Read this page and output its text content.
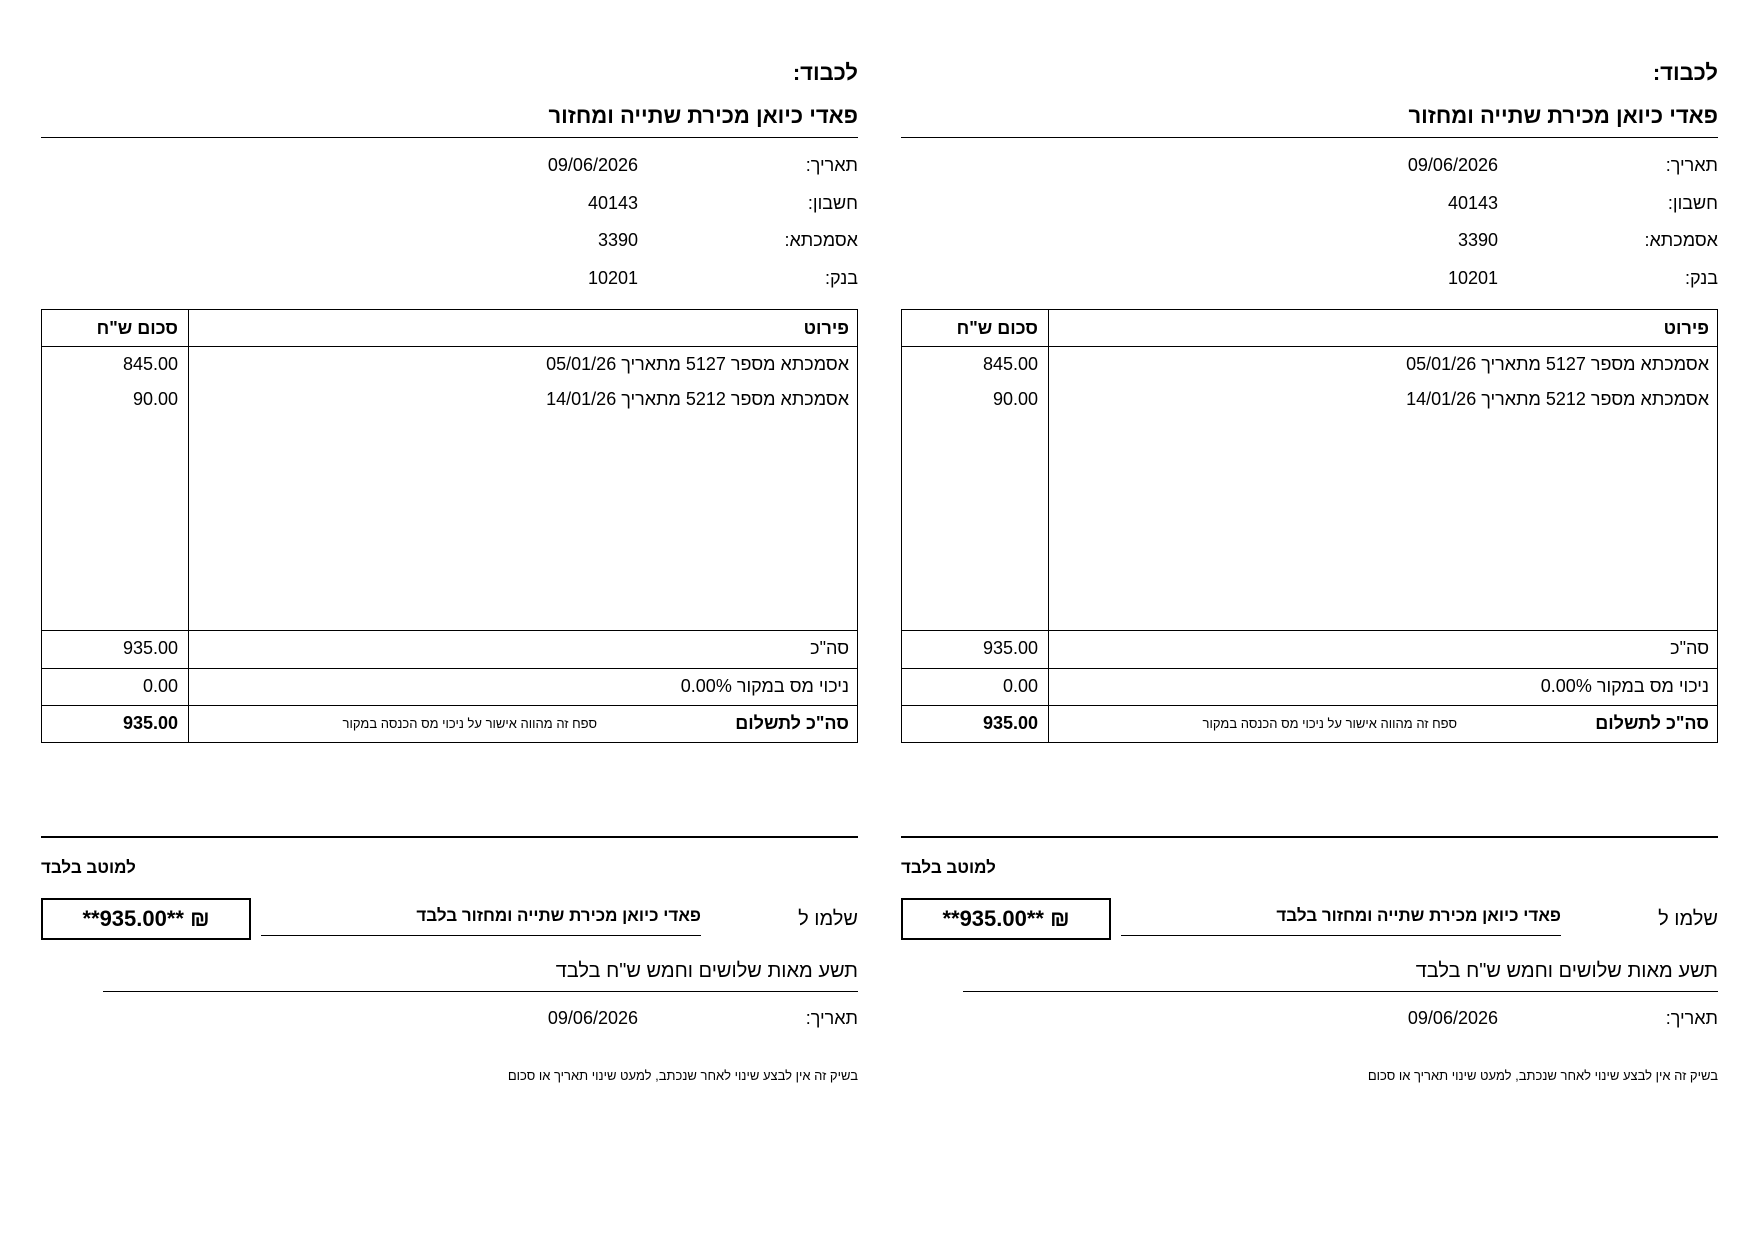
לכבוד:
פאדי כיואן מכירת שתייה ומחזור
תאריך:
09/06/2026
חשבון:
40143
אסמכתא:
3390
בנק:
10201
פירוט
סכום ש"ח
אסמכתא מספר 5127 מתאריך 05/01/26
845.00
אסמכתא מספר 5212 מתאריך 14/01/26
90.00
סה"כ
935.00
ניכוי מס במקור 0.00%
0.00
סה"כ לתשלום
ספח זה מהווה אישור על ניכוי מס הכנסה במקור
935.00
למוטב בלבד
שלמו ל
פאדי כיואן מכירת שתייה ומחזור בלבד
**935.00** ₪
תשע מאות שלושים וחמש ש"ח בלבד
תאריך:
09/06/2026
בשיק זה אין לבצע שינוי לאחר שנכתב, למעט שינוי תאריך או סכום
לכבוד:
פאדי כיואן מכירת שתייה ומחזור
תאריך:
09/06/2026
חשבון:
40143
אסמכתא:
3390
בנק:
10201
פירוט
סכום ש"ח
אסמכתא מספר 5127 מתאריך 05/01/26
845.00
אסמכתא מספר 5212 מתאריך 14/01/26
90.00
סה"כ
935.00
ניכוי מס במקור 0.00%
0.00
סה"כ לתשלום
ספח זה מהווה אישור על ניכוי מס הכנסה במקור
935.00
למוטב בלבד
שלמו ל
פאדי כיואן מכירת שתייה ומחזור בלבד
**935.00** ₪
תשע מאות שלושים וחמש ש"ח בלבד
תאריך:
09/06/2026
בשיק זה אין לבצע שינוי לאחר שנכתב, למעט שינוי תאריך או סכום
